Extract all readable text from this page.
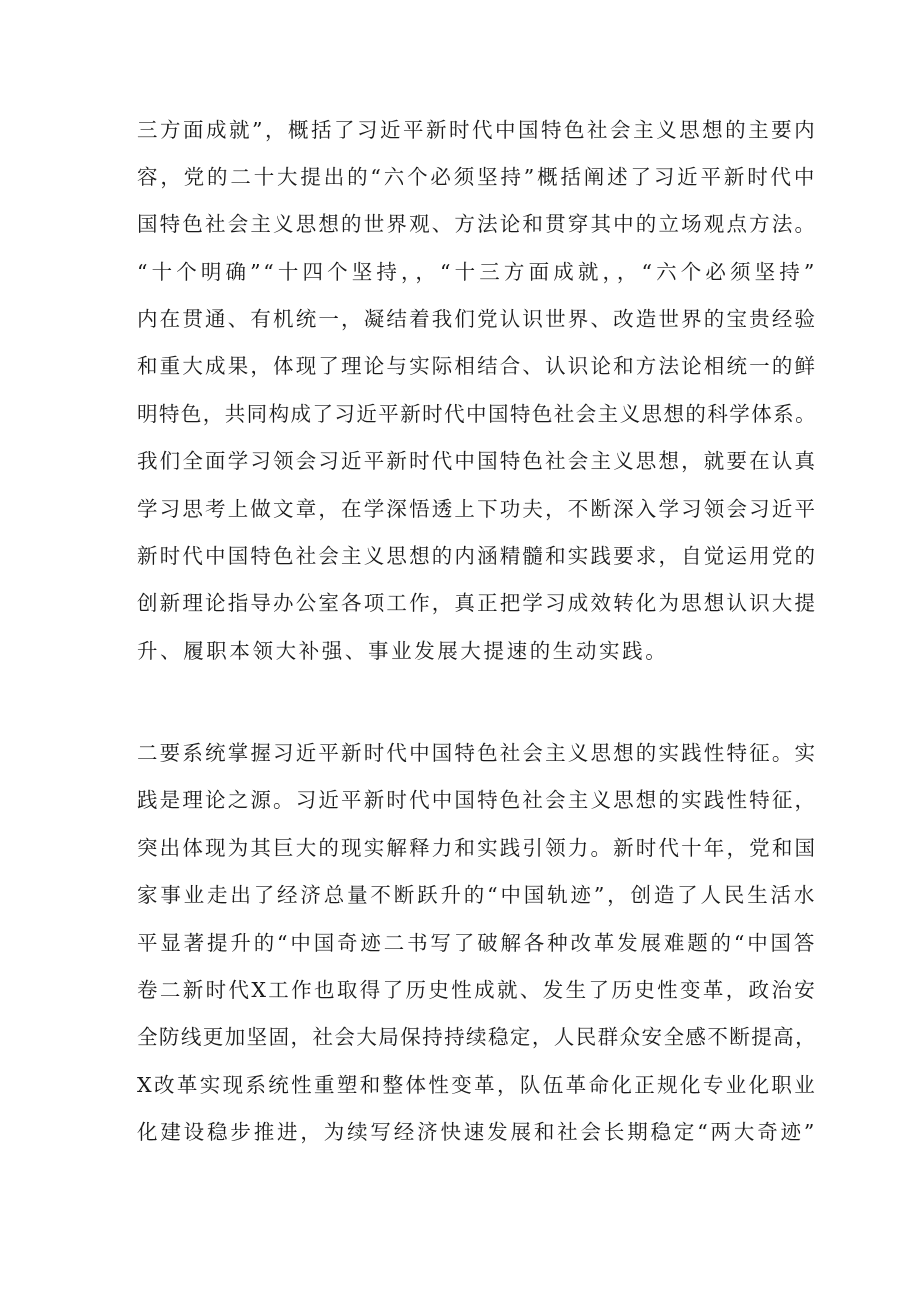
三方面成就”，概括了习近平新时代中国特色社会主义思想的主要内
容，党的二十大提出的“六个必须坚持”概括阐述了习近平新时代中
国特色社会主义思想的世界观、方法论和贯穿其中的立场观点方法。
“十个明确”“十四个坚持，，“十三方面成就，，“六个必须坚持”
内在贯通、有机统一，凝结着我们党认识世界、改造世界的宝贵经验
和重大成果，体现了理论与实际相结合、认识论和方法论相统一的鲜
明特色，共同构成了习近平新时代中国特色社会主义思想的科学体系。
我们全面学习领会习近平新时代中国特色社会主义思想，就要在认真
学习思考上做文章，在学深悟透上下功夫，不断深入学习领会习近平
新时代中国特色社会主义思想的内涵精髓和实践要求，自觉运用党的
创新理论指导办公室各项工作，真正把学习成效转化为思想认识大提
升、履职本领大补强、事业发展大提速的生动实践。
二要系统掌握习近平新时代中国特色社会主义思想的实践性特征。实
践是理论之源。习近平新时代中国特色社会主义思想的实践性特征，
突出体现为其巨大的现实解释力和实践引领力。新时代十年，党和国
家事业走出了经济总量不断跃升的“中国轨迹”，创造了人民生活水
平显著提升的“中国奇迹二书写了破解各种改革发展难题的“中国答
卷二新时代X工作也取得了历史性成就、发生了历史性变革，政治安
全防线更加坚固，社会大局保持持续稳定，人民群众安全感不断提高，
X改革实现系统性重塑和整体性变革，队伍革命化正规化专业化职业
化建设稳步推进，为续写经济快速发展和社会长期稳定“两大奇迹”
